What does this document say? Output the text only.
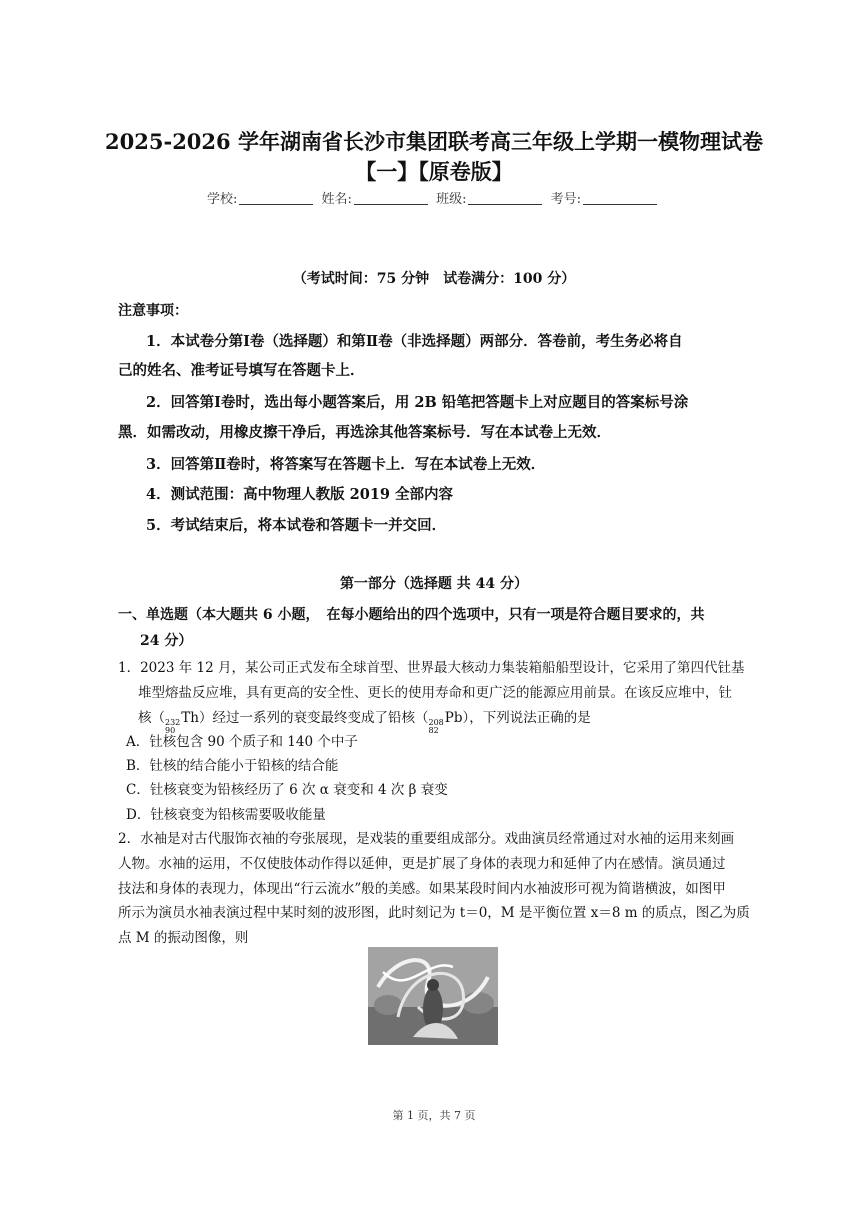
2025-2026 学年湖南省长沙市集团联考高三年级上学期一模物理试卷
【一】【原卷版】
学校:	姓名:	班级:	考号:
（考试时间：75 分钟　试卷满分：100 分）
注意事项：
1．本试卷分第Ⅰ卷（选择题）和第Ⅱ卷（非选择题）两部分．答卷前，考生务必将自
己的姓名、准考证号填写在答题卡上．
2．回答第Ⅰ卷时，选出每小题答案后，用 2B 铅笔把答题卡上对应题目的答案标号涂
黑．如需改动，用橡皮擦干净后，再选涂其他答案标号．写在本试卷上无效．
3．回答第Ⅱ卷时，将答案写在答题卡上．写在本试卷上无效．
4．测试范围：高中物理人教版 2019 全部内容
5．考试结束后，将本试卷和答题卡一并交回．
第一部分（选择题 共 44 分）
一、单选题（本大题共 6 小题，　在每小题给出的四个选项中，只有一项是符合题目要求的，共
24 分）
1．2023 年 12 月，某公司正式发布全球首型、世界最大核动力集装箱船船型设计，它采用了第四代钍基
堆型熔盐反应堆，具有更高的安全性、更长的使用寿命和更广泛的能源应用前景。在该反应堆中，钍
核（ 232
90
Th）经过一系列的衰变最终变成了铅核（ 208
82
Pb），下列说法正确的是
A．钍核包含 90 个质子和 140 个中子
B．钍核的结合能小于铅核的结合能
C．钍核衰变为铅核经历了 6 次 α 衰变和 4 次 β 衰变
D．钍核衰变为铅核需要吸收能量
2．水袖是对古代服饰衣袖的夸张展现，是戏装的重要组成部分。戏曲演员经常通过对水袖的运用来刻画
人物。水袖的运用，不仅使肢体动作得以延伸，更是扩展了身体的表现力和延伸了内在感情。演员通过
技法和身体的表现力，体现出“行云流水”般的美感。如果某段时间内水袖波形可视为简谐横波，如图甲
所示为演员水袖表演过程中某时刻的波形图，此时刻记为 t＝0，M 是平衡位置 x＝8 m 的质点，图乙为质
点 M 的振动图像，则
第 1 页，共 7 页
